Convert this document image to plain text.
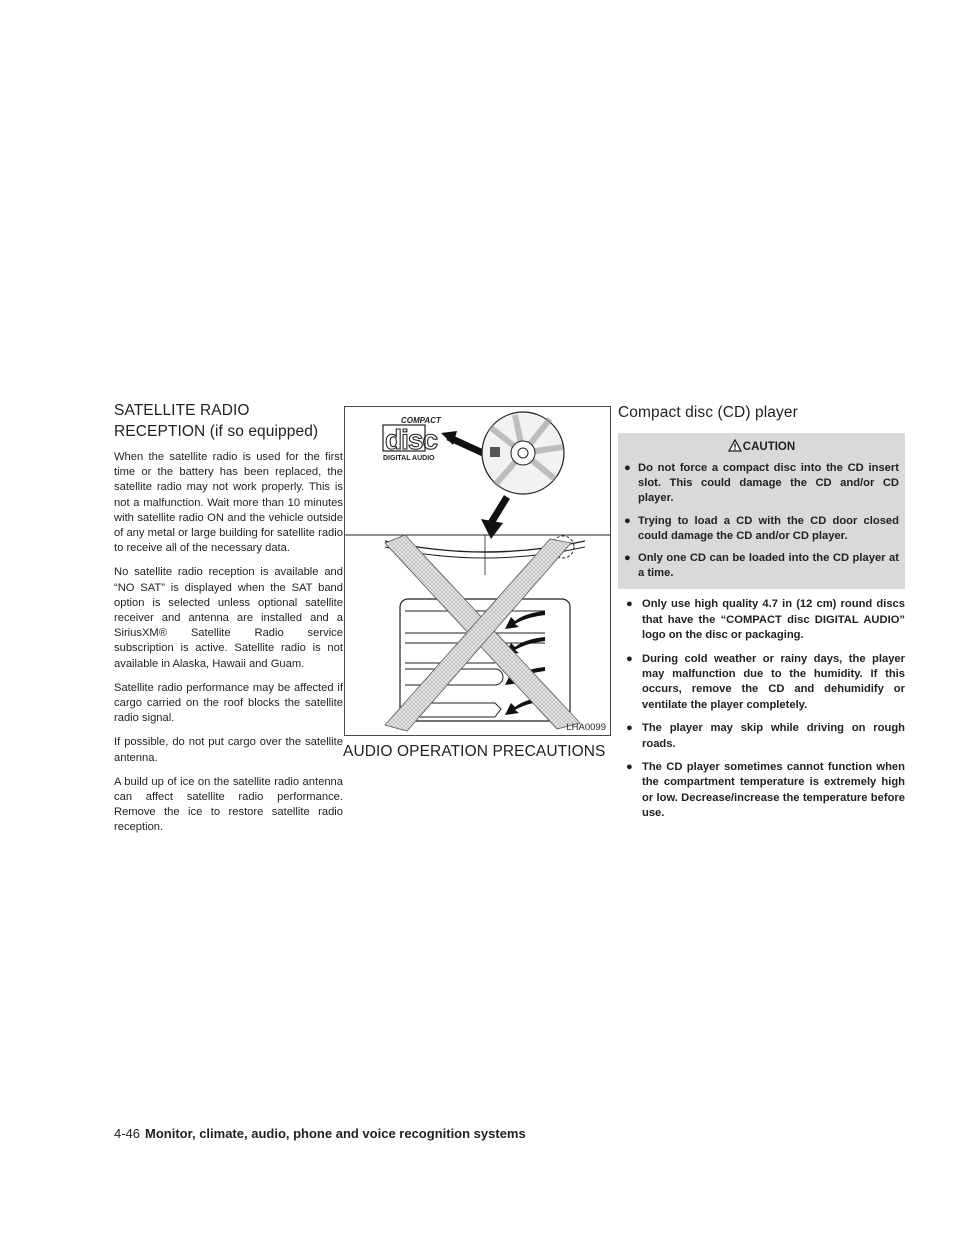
SATELLITE RADIO RECEPTION (if so equipped)

When the satellite radio is used for the first time or the battery has been replaced, the satellite radio may not work properly. This is not a malfunction. Wait more than 10 minutes with satellite radio ON and the vehicle outside of any metal or large building for satellite radio to receive all of the necessary data.

No satellite radio reception is available and “NO SAT” is displayed when the SAT band option is selected unless optional satellite receiver and antenna are installed and a SiriusXM® Satellite Radio service subscription is active. Satellite radio is not available in Alaska, Hawaii and Guam.

Satellite radio performance may be affected if cargo carried on the roof blocks the satellite radio signal.

If possible, do not put cargo over the satellite antenna.

A build up of ice on the satellite radio antenna can affect satellite radio performance. Remove the ice to restore satellite radio reception.

COMPACT
disc
DIGITAL AUDIO
LHA0099
AUDIO OPERATION PRECAUTIONS
Compact disc (CD) player
CAUTION
● Do not force a compact disc into the CD insert slot. This could damage the CD and/or CD player.
● Trying to load a CD with the CD door closed could damage the CD and/or CD player.
● Only one CD can be loaded into the CD player at a time.
● Only use high quality 4.7 in (12 cm) round discs that have the “COMPACT disc DIGITAL AUDIO” logo on the disc or packaging.
● During cold weather or rainy days, the player may malfunction due to the humidity. If this occurs, remove the CD and dehumidify or ventilate the player completely.
● The player may skip while driving on rough roads.
● The CD player sometimes cannot function when the compartment temperature is extremely high or low. Decrease/increase the temperature before use.
4-46 Monitor, climate, audio, phone and voice recognition systems
